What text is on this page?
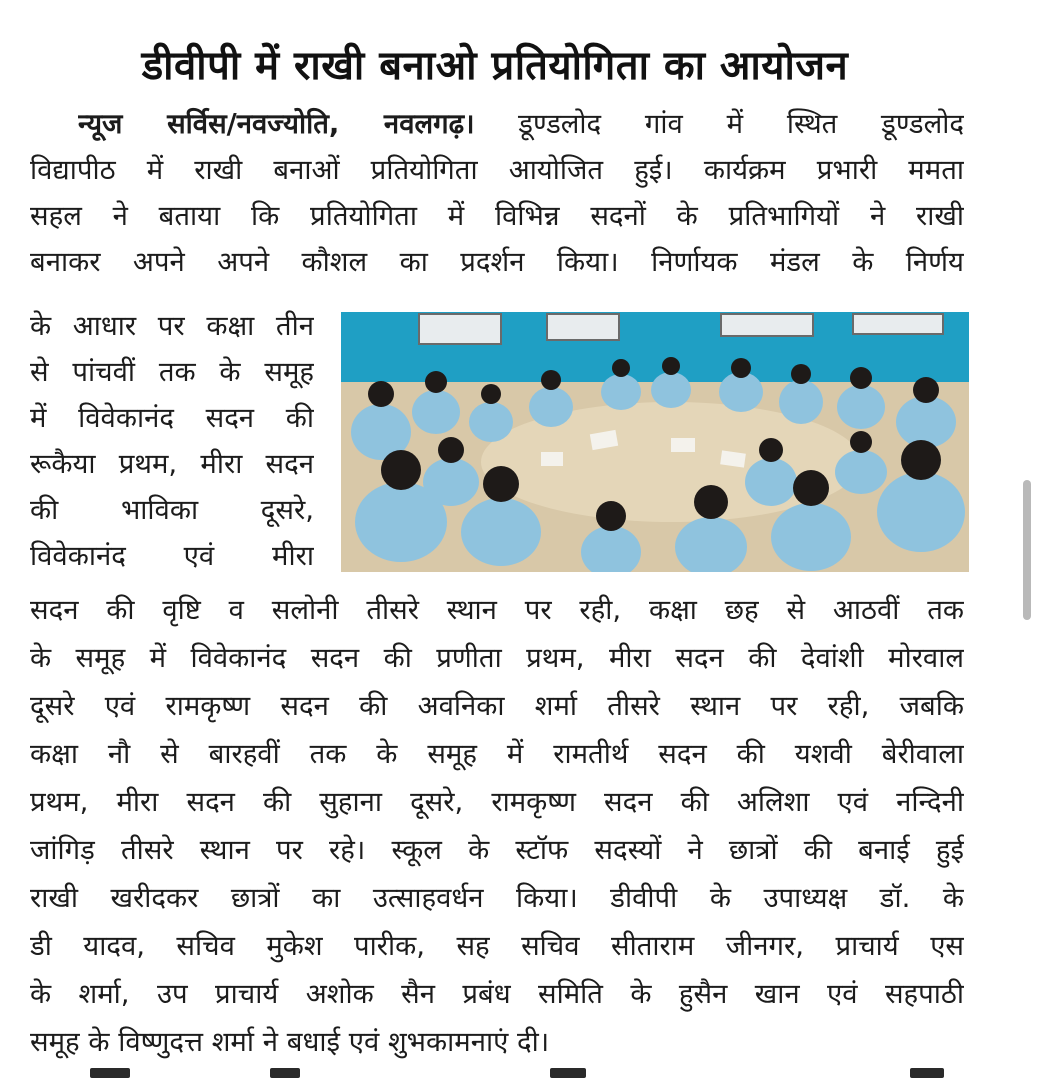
डीवीपी में राखी बनाओ प्रतियोगिता का आयोजन
न्यूज सर्विस/नवज्योति, नवलगढ़। डूण्डलोद गांव में स्थित डूण्डलोद
विद्यापीठ में राखी बनाओं प्रतियोगिता आयोजित हुई। कार्यक्रम प्रभारी ममता
सहल ने बताया कि प्रतियोगिता में विभिन्न सदनों के प्रतिभागियों ने राखी
बनाकर अपने अपने कौशल का प्रदर्शन किया। निर्णायक मंडल के निर्णय
के आधार पर कक्षा तीन
से पांचवीं तक के समूह
में विवेकानंद सदन की
रूकैया प्रथम, मीरा सदन
की भाविका दूसरे,
विवेकानंद एवं मीरा
सदन की वृष्टि व सलोनी तीसरे स्थान पर रही, कक्षा छह से आठवीं तक
के समूह में विवेकानंद सदन की प्रणीता प्रथम, मीरा सदन की देवांशी मोरवाल
दूसरे एवं रामकृष्ण सदन की अवनिका शर्मा तीसरे स्थान पर रही, जबकि
कक्षा नौ से बारहवीं तक के समूह में रामतीर्थ सदन की यशवी बेरीवाला
प्रथम, मीरा सदन की सुहाना दूसरे, रामकृष्ण सदन की अलिशा एवं नन्दिनी
जांगिड़ तीसरे स्थान पर रहे। स्कूल के स्टॉफ सदस्यों ने छात्रों की बनाई हुई
राखी खरीदकर छात्रों का उत्साहवर्धन किया। डीवीपी के उपाध्यक्ष डॉ. के
डी यादव, सचिव मुकेश पारीक, सह सचिव सीताराम जीनगर, प्राचार्य एस
के शर्मा, उप प्राचार्य अशोक सैन प्रबंध समिति के हुसैन खान एवं सहपाठी
समूह के विष्णुदत्त शर्मा ने बधाई एवं शुभकामनाएं दी।
